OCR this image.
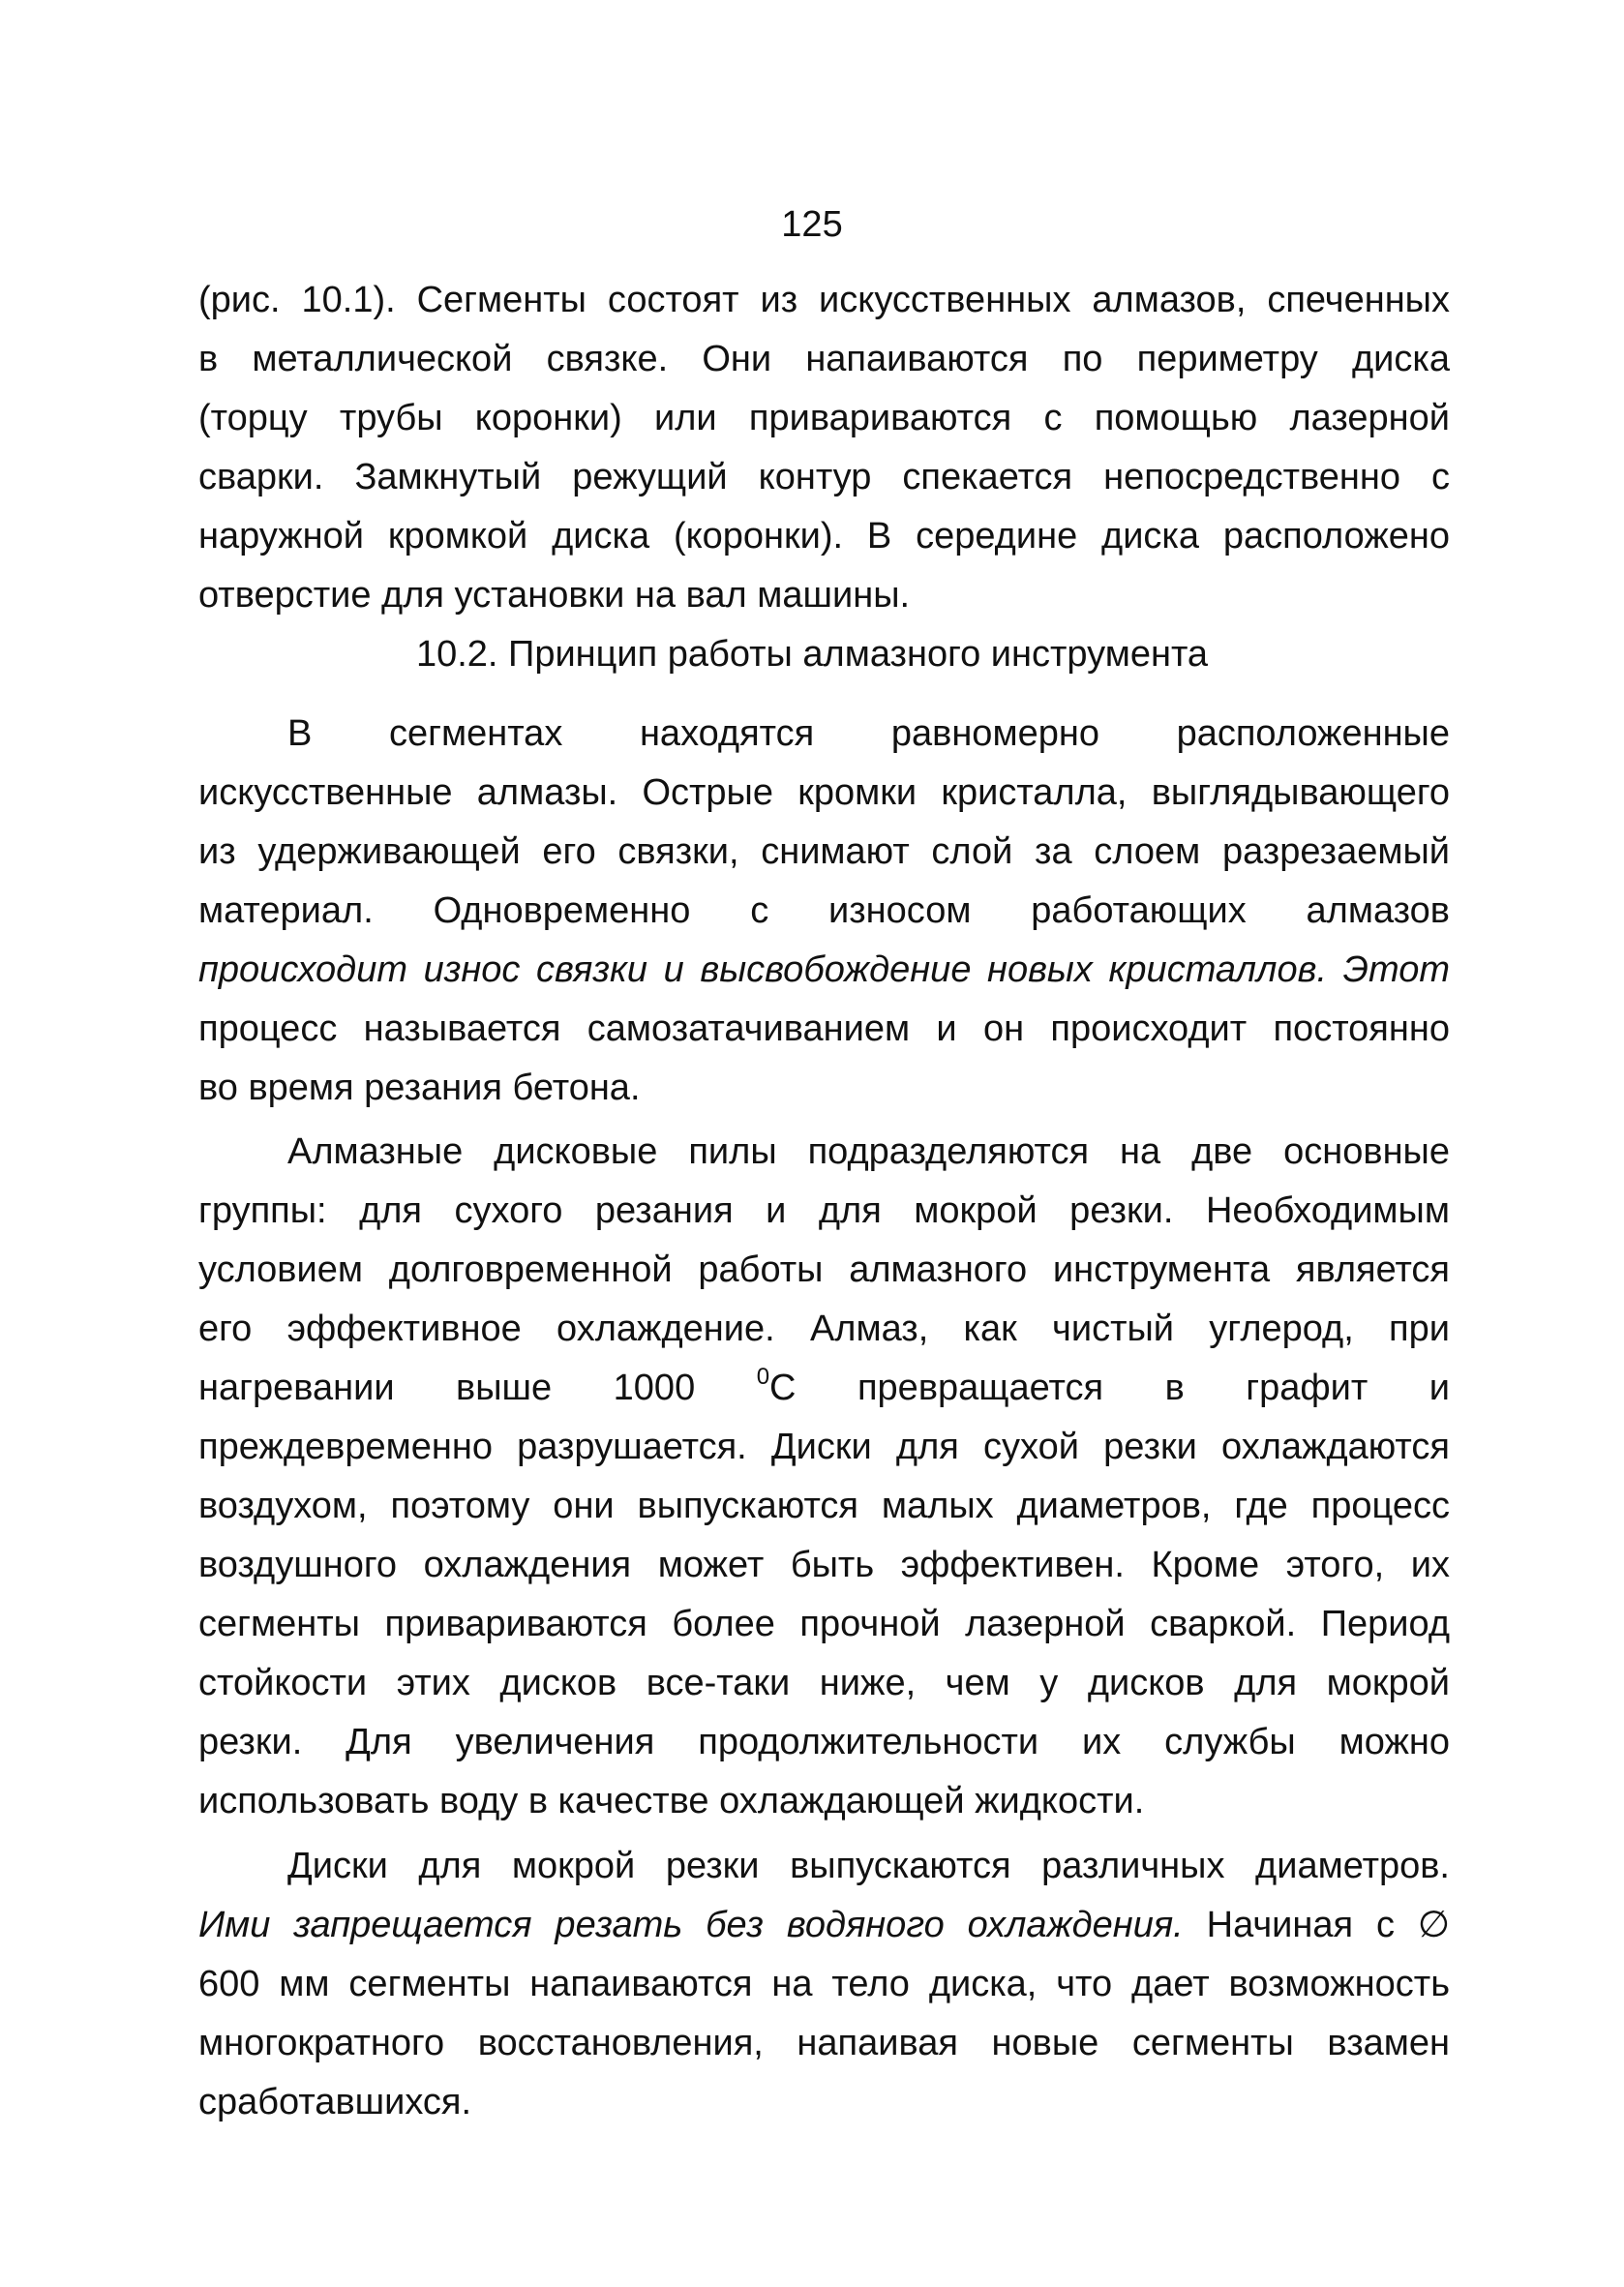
125
(рис. 10.1). Сегменты состоят из искусственных алмазов, спеченных
в металлической связке. Они напаиваются по периметру диска
(торцу трубы коронки) или привариваются с помощью лазерной
сварки. Замкнутый режущий контур спекается непосредственно с
наружной кромкой диска (коронки). В середине диска расположено
отверстие для установки на вал машины.
10.2. Принцип работы алмазного инструмента
В сегментах находятся равномерно расположенные
искусственные алмазы. Острые кромки кристалла, выглядывающего
из удерживающей его связки, снимают слой за слоем разрезаемый
материал. Одновременно с износом работающих алмазов
происходит износ связки и высвобождение новых кристаллов. Этот
процесс называется самозатачиванием и он происходит постоянно
во время резания бетона.
Алмазные дисковые пилы подразделяются на две основные
группы: для сухого резания и для мокрой резки. Необходимым
условием долговременной работы алмазного инструмента является
его эффективное охлаждение. Алмаз, как чистый углерод, при
нагревании выше 1000	$^0$С превращается в графит и
преждевременно разрушается. Диски для сухой резки охлаждаются
воздухом, поэтому они выпускаются малых диаметров, где процесс
воздушного охлаждения может быть эффективен. Кроме этого, их
сегменты привариваются более прочной лазерной сваркой. Период
стойкости этих дисков все-таки ниже, чем у дисков для мокрой
резки. Для увеличения продолжительности их службы можно
использовать воду в качестве охлаждающей жидкости.
Диски для мокрой резки выпускаются различных диаметров.
Ими запрещается резать без водяного охлаждения. Начиная с ∅
600 мм сегменты напаиваются на тело диска, что дает возможность
многократного восстановления, напаивая новые сегменты взамен
сработавшихся.
